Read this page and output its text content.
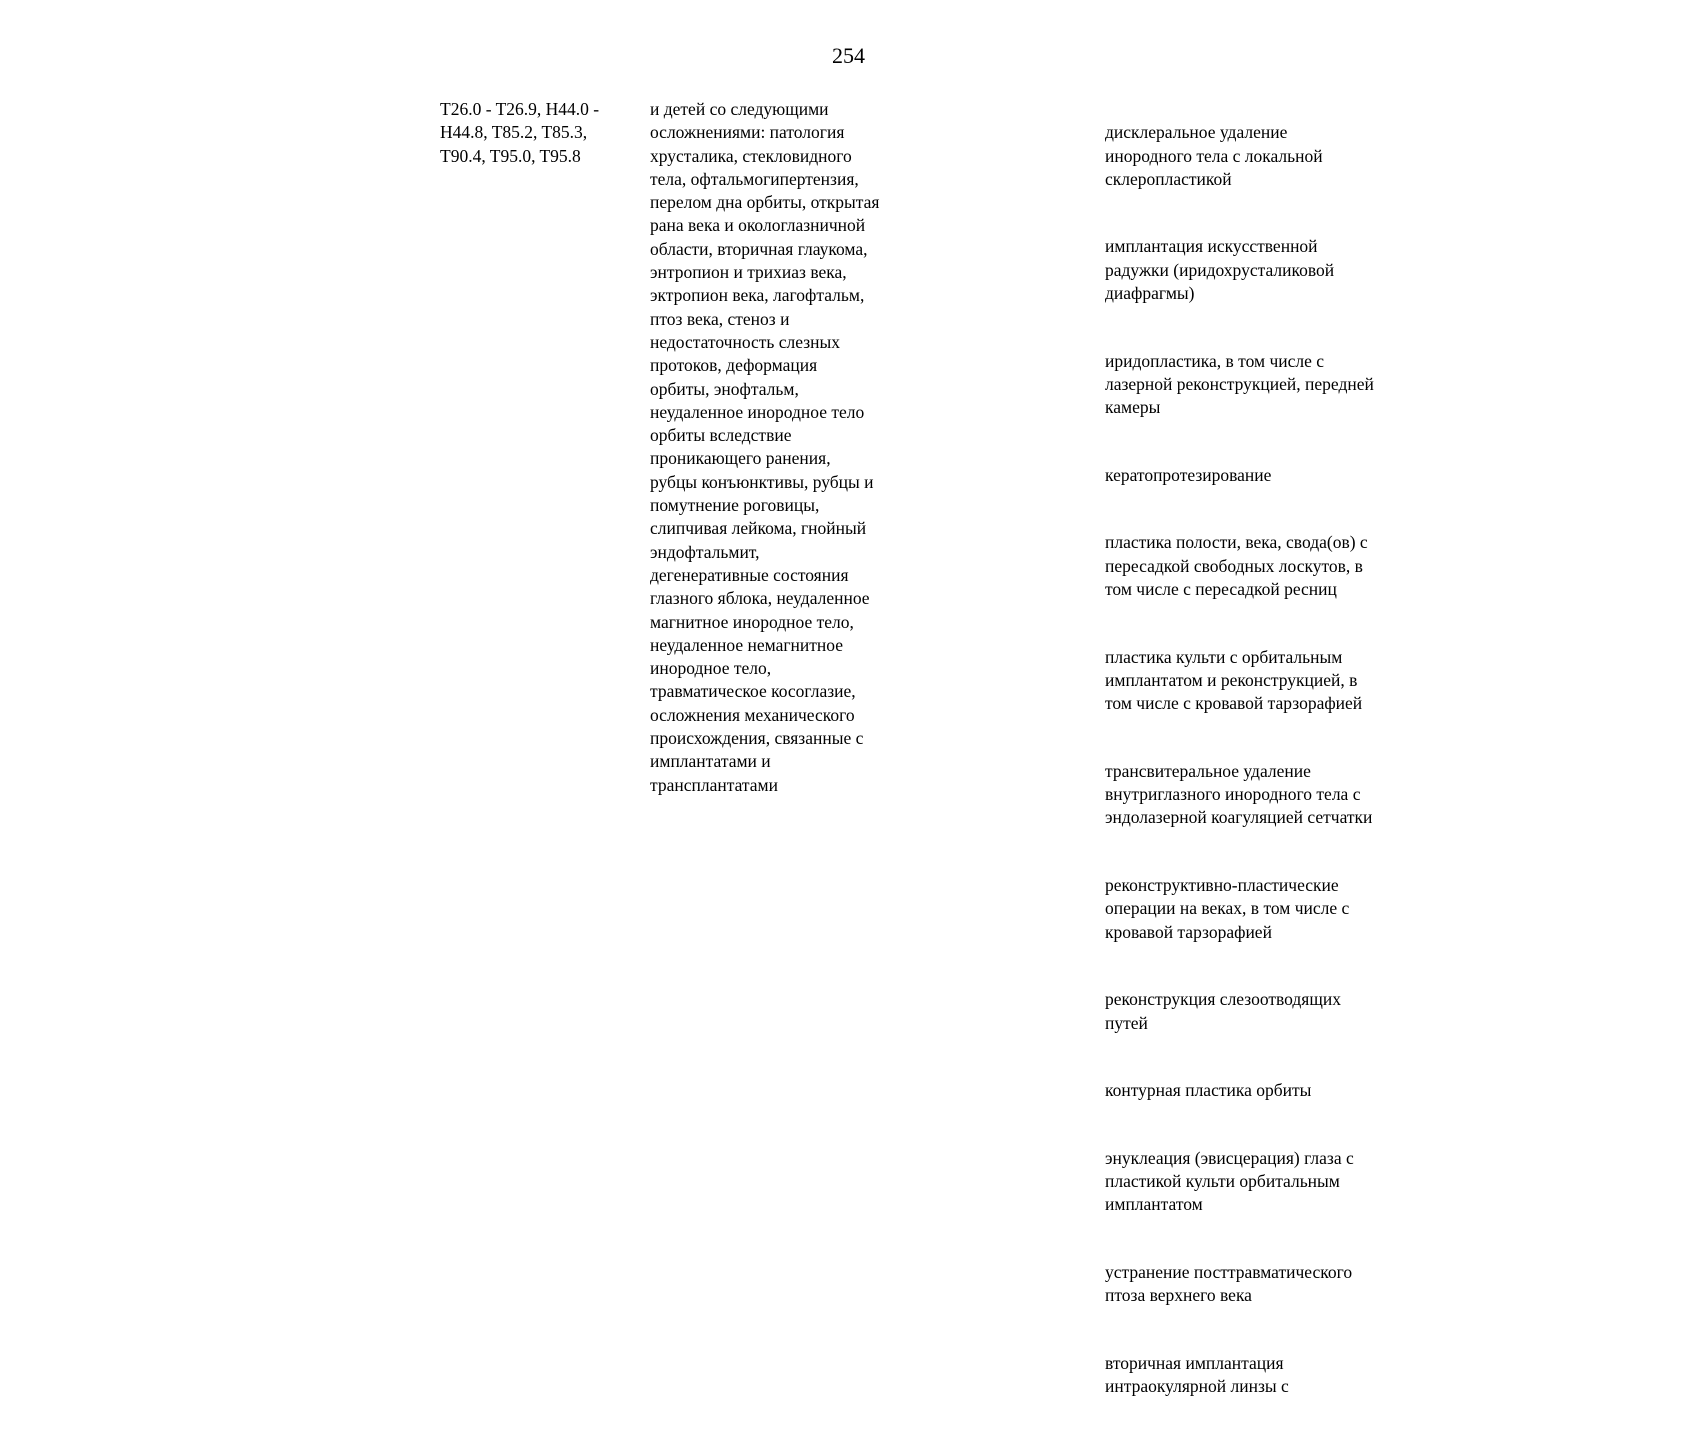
254
T26.0 - T26.9, H44.0 -
H44.8, T85.2, T85.3,
T90.4, T95.0, T95.8
и детей со следующими
осложнениями: патология
хрусталика, стекловидного
тела, офтальмогипертензия,
перелом дна орбиты, открытая
рана века и окологлазничной
области, вторичная глаукома,
энтропион и трихиаз века,
эктропион века, лагофтальм,
птоз века, стеноз и
недостаточность слезных
протоков, деформация
орбиты, энофтальм,
неудаленное инородное тело
орбиты вследствие
проникающего ранения,
рубцы конъюнктивы, рубцы и
помутнение роговицы,
слипчивая лейкома, гнойный
эндофтальмит,
дегенеративные состояния
глазного яблока, неудаленное
магнитное инородное тело,
неудаленное немагнитное
инородное тело,
травматическое косоглазие,
осложнения механического
происхождения, связанные с
имплантатами и
трансплантатами

дисклеральное удаление
инородного тела с локальной
склеропластикой

имплантация искусственной
радужки (иридохрусталиковой
диафрагмы)

иридопластика, в том числе с
лазерной реконструкцией, передней
камеры

кератопротезирование

пластика полости, века, свода(ов) с
пересадкой свободных лоскутов, в
том числе с пересадкой ресниц

пластика культи с орбитальным
имплантатом и реконструкцией, в
том числе с кровавой тарзорафией

трансвитеральное удаление
внутриглазного инородного тела с
эндолазерной коагуляцией сетчатки

реконструктивно-пластические
операции на веках, в том числе с
кровавой тарзорафией

реконструкция слезоотводящих
путей

контурная пластика орбиты

энуклеация (эвисцерация) глаза с
пластикой культи орбитальным
имплантатом

устранение посттравматического
птоза верхнего века

вторичная имплантация
интраокулярной линзы с
